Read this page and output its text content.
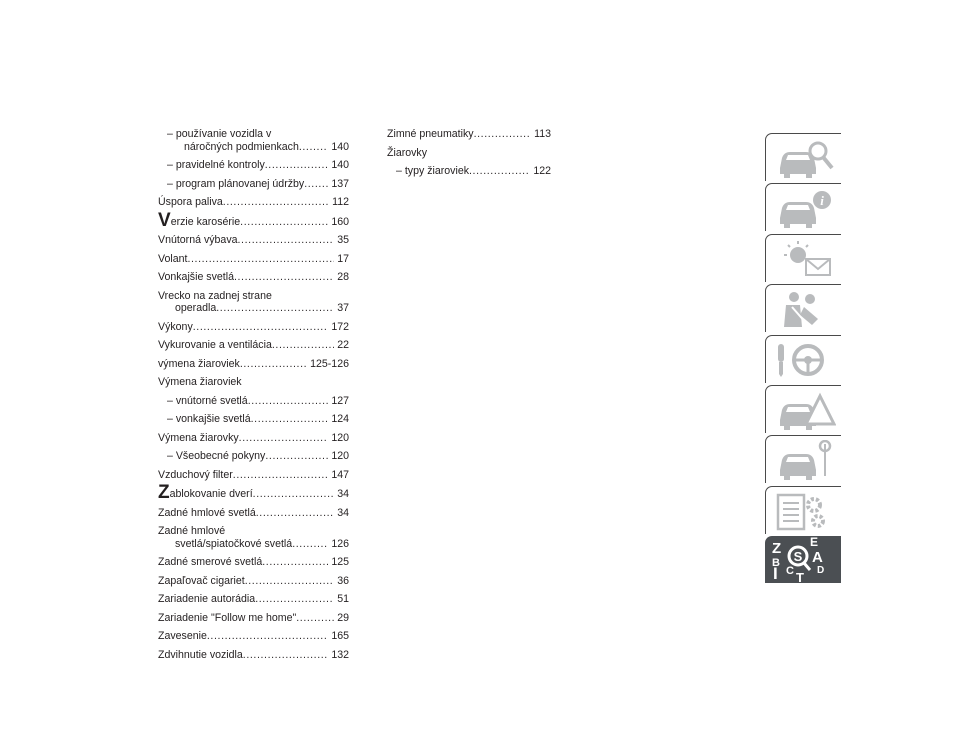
– používanie vozidla v
náročných podmienkach .....	140
– pravidelné kontroly .....	140
– program plánovanej údržby .....	137
Úspora paliva .....	112
Verzie karosérie .....	160
Vnútorná výbava .....	35
Volant .....	17
Vonkajšie svetlá .....	28
Vrecko na zadnej strane
operadla .....	37
Výkony .....	172
Vykurovanie a ventilácia .....	22
výmena žiaroviek .....	125-126
Výmena žiaroviek
– vnútorné svetlá .....	127
– vonkajšie svetlá .....	124
Výmena žiarovky .....	120
– Všeobecné pokyny .....	120
Vzduchový filter .....	147
Zablokovanie dverí .....	34
Zadné hmlové svetlá .....	34
Zadné hmlové
svetlá/spiatočkové svetlá .....	126
Zadné smerové svetlá .....	125
Zapaľovač cigariet .....	36
Zariadenie autorádia .....	51
Zariadenie "Follow me home" .....	29
Zavesenie .....	165
Zdvihnutie vozidla .....	132
Zimné pneumatiky .....	113
Žiarovky
– typy žiaroviek .....	122
i
S
Z E
B A
I C T D
